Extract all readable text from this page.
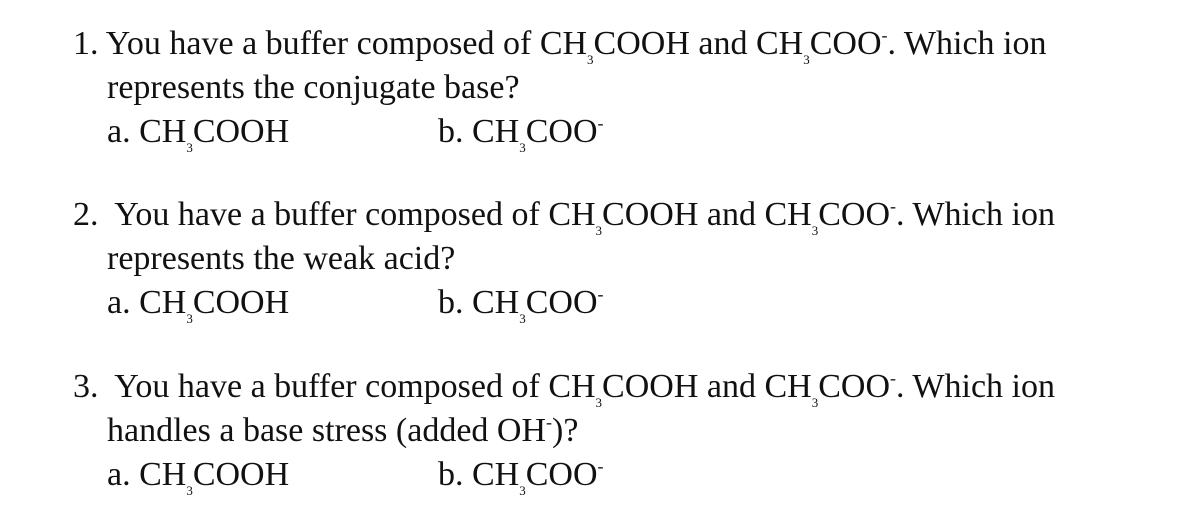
1. You have a buffer composed of $CH_3COOH$ and $CH_3COO^-$. Which ion
represents the conjugate base?
a. $CH_3COOH$	b. $CH_3COO^-$
2. You have a buffer composed of $CH_3COOH$ and $CH_3COO^-$. Which ion
represents the weak acid?
a. $CH_3COOH$	b. $CH_3COO^-$
3. You have a buffer composed of $CH_3COOH$ and $CH_3COO^-$. Which ion
handles a base stress (added OH-)?
a. $CH_3COOH$	b. $CH_3COO^-$
